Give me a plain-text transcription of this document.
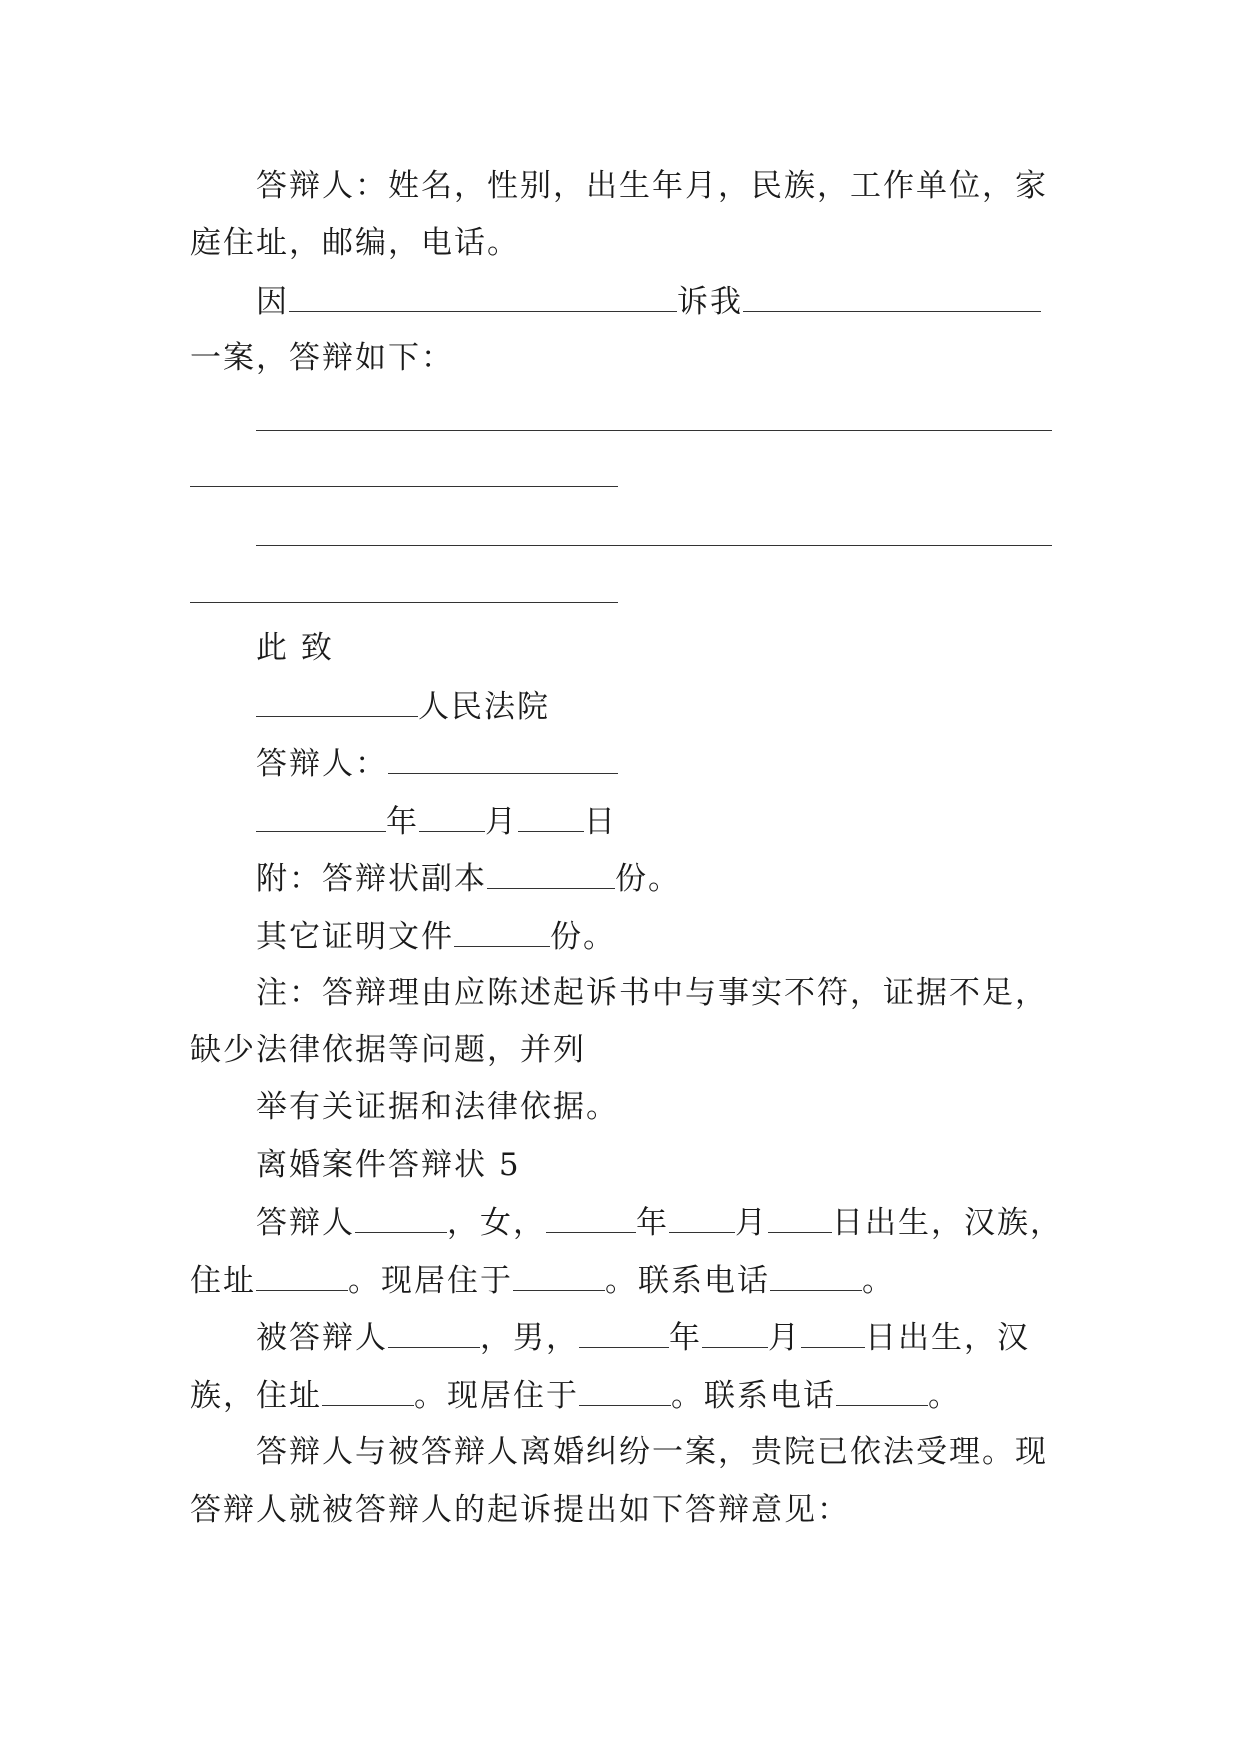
答辩人：姓名，性别，出生年月，民族，工作单位，家
庭住址，邮编，电话。
因	诉我
一案，答辩如下：
此 致
人民法院
答辩人：
年 月 日
附：答辩状副本	份。
其它证明文件	份。
注：答辩理由应陈述起诉书中与事实不符，证据不足，
缺少法律依据等问题，并列
举有关证据和法律依据。
离婚案件答辩状 5
答辩人	，女，	年 月 日出生，汉族，
住址	。现居住于	。联系电话	。
被答辩人	，男，	年 月 日出生，汉
族，住址	。现居住于	。联系电话	。
答辩人与被答辩人离婚纠纷一案，贵院已依法受理。现
答辩人就被答辩人的起诉提出如下答辩意见：
